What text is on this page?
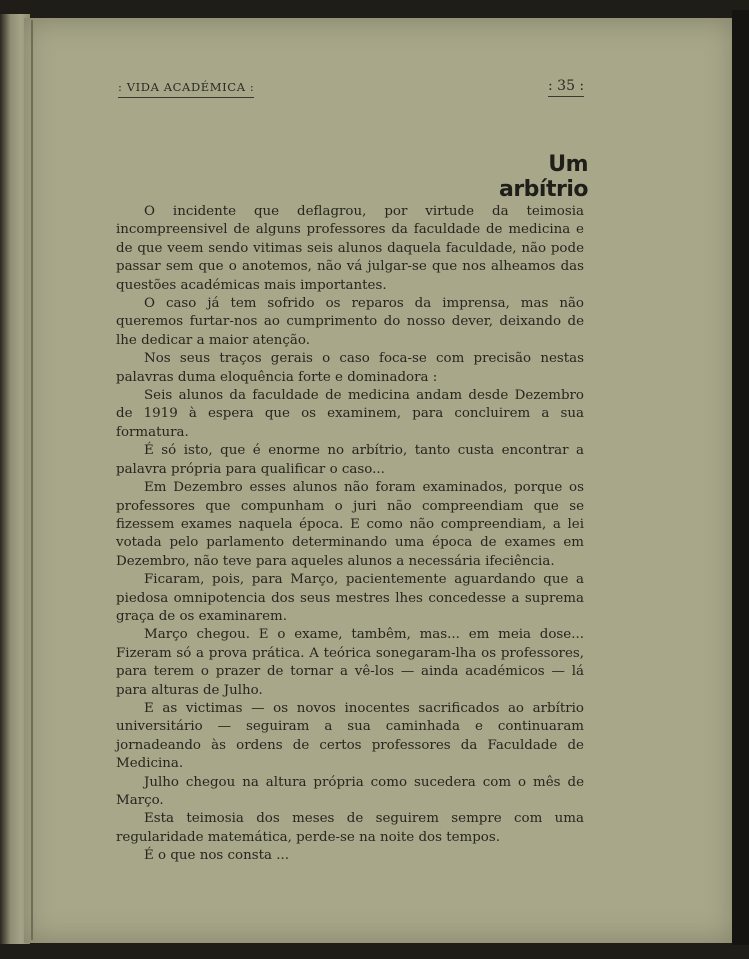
: VIDA ACADÉMICA :	: 35 :
Um arbítrio

O incidente que deflagrou, por virtude da teimosia incompreensivel de alguns professores da faculdade de medicina e de que veem sendo vitimas seis alunos daquela faculdade, não pode passar sem que o anotemos, não vá julgar-se que nos alheamos das questões académicas mais importantes.

O caso já tem sofrido os reparos da imprensa, mas não queremos furtar-nos ao cumprimento do nosso dever, deixando de lhe dedicar a maior atenção.

Nos seus traços gerais o caso foca-se com precisão nestas palavras duma eloquência forte e dominadora :

Seis alunos da faculdade de medicina andam desde Dezembro de 1919 à espera que os examinem, para concluirem a sua formatura.

É só isto, que é enorme no arbítrio, tanto custa encontrar a palavra própria para qualificar o caso...

Em Dezembro esses alunos não foram examinados, porque os professores que compunham o juri não compreendiam que se fizessem exames naquela época. E como não compreendiam, a lei votada pelo parlamento determinando uma época de exames em Dezembro, não teve para aqueles alunos a necessária ifeciência.

Ficaram, pois, para Março, pacientemente aguardando que a piedosa omnipotencia dos seus mestres lhes concedesse a suprema graça de os examinarem.

Março chegou. E o exame, tambêm, mas... em meia dose... Fizeram só a prova prática. A teórica sonegaram-lha os professores, para terem o prazer de tornar a vê-los — ainda académicos — lá para alturas de Julho.

E as victimas — os novos inocentes sacrificados ao arbítrio universitário — seguiram a sua caminhada e continuaram jornadeando às ordens de certos professores da Faculdade de Medicina.

Julho chegou na altura própria como sucedera com o mês de Março.

Esta teimosia dos meses de seguirem sempre com uma regularidade matemática, perde-se na noite dos tempos.

É o que nos consta ...
